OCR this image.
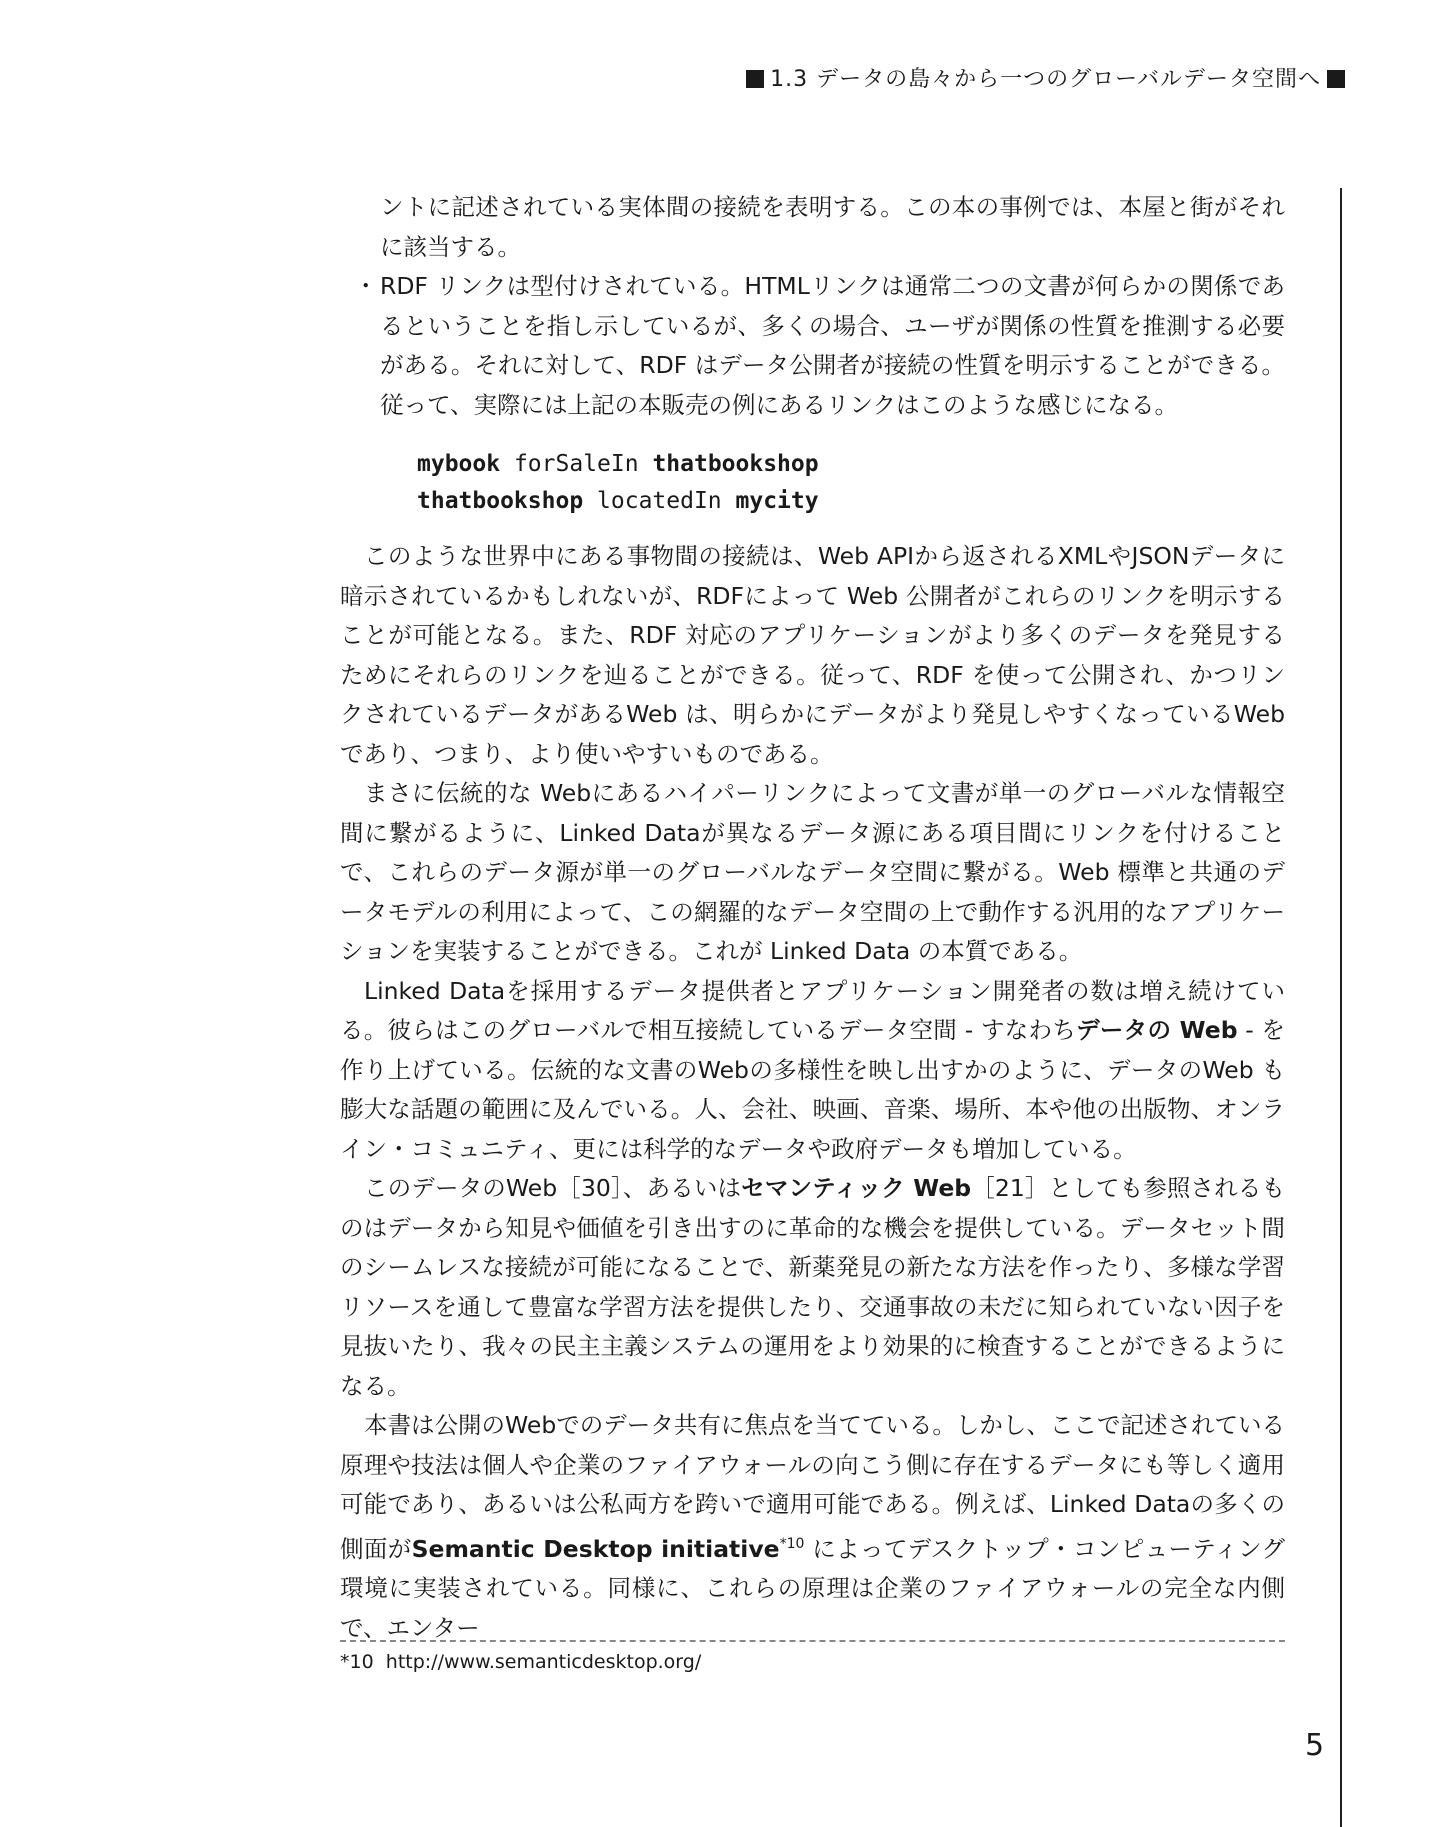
1.3 データの島々から一つのグローバルデータ空間へ

ントに記述されている実体間の接続を表明する。この本の事例では、本屋と街がそれに該当する。

・ RDF リンクは型付けされている。HTMLリンクは通常二つの文書が何らかの関係であるということを指し示しているが、多くの場合、ユーザが関係の性質を推測する必要がある。それに対して、RDF はデータ公開者が接続の性質を明示することができる。従って、実際には上記の本販売の例にあるリンクはこのような感じになる。

mybook forSaleIn thatbookshop
thatbookshop locatedIn mycity

このような世界中にある事物間の接続は、Web APIから返されるXMLやJSONデータに暗示されているかもしれないが、RDFによって Web 公開者がこれらのリンクを明示することが可能となる。また、RDF 対応のアプリケーションがより多くのデータを発見するためにそれらのリンクを辿ることができる。従って、RDF を使って公開され、かつリンクされているデータがあるWeb は、明らかにデータがより発見しやすくなっているWebであり、つまり、より使いやすいものである。

まさに伝統的な Webにあるハイパーリンクによって文書が単一のグローバルな情報空間に繋がるように、Linked Dataが異なるデータ源にある項目間にリンクを付けることで、これらのデータ源が単一のグローバルなデータ空間に繋がる。Web 標準と共通のデータモデルの利用によって、この網羅的なデータ空間の上で動作する汎用的なアプリケーションを実装することができる。これが Linked Data の本質である。

Linked Dataを採用するデータ提供者とアプリケーション開発者の数は増え続けている。彼らはこのグローバルで相互接続しているデータ空間 - すなわちデータの Web - を作り上げている。伝統的な文書のWebの多様性を映し出すかのように、データのWeb も膨大な話題の範囲に及んでいる。人、会社、映画、音楽、場所、本や他の出版物、オンライン・コミュニティ、更には科学的なデータや政府データも増加している。

このデータのWeb［30］、あるいはセマンティック Web［21］としても参照されるものはデータから知見や価値を引き出すのに革命的な機会を提供している。データセット間のシームレスな接続が可能になることで、新薬発見の新たな方法を作ったり、多様な学習リソースを通して豊富な学習方法を提供したり、交通事故の未だに知られていない因子を見抜いたり、我々の民主主義システムの運用をより効果的に検査することができるようになる。

本書は公開のWebでのデータ共有に焦点を当てている。しかし、ここで記述されている原理や技法は個人や企業のファイアウォールの向こう側に存在するデータにも等しく適用可能であり、あるいは公私両方を跨いで適用可能である。例えば、Linked Dataの多くの側面がSemantic Desktop initiative$^{*10}$ によってデスクトップ・コンピューティング環境に実装されている。同様に、これらの原理は企業のファイアウォールの完全な内側で、エンター

*10 http://www.semanticdesktop.org/
5
